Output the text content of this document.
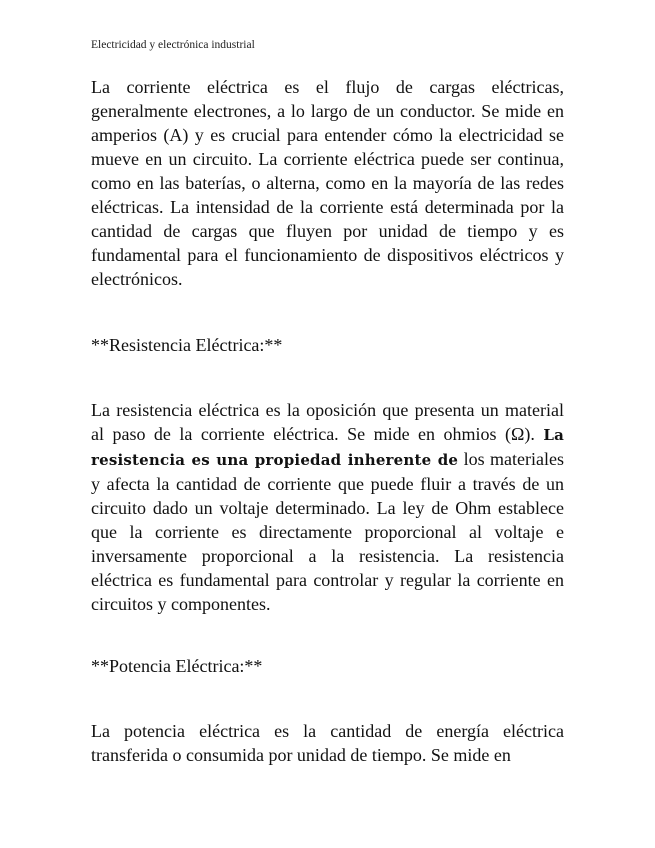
Electricidad y electrónica industrial

La corriente eléctrica es el flujo de cargas eléctricas, generalmente electrones, a lo largo de un conductor. Se mide en amperios (A) y es crucial para entender cómo la electricidad se mueve en un circuito. La corriente eléctrica puede ser continua, como en las baterías, o alterna, como en la mayoría de las redes eléctricas. La intensidad de la corriente está determinada por la cantidad de cargas que fluyen por unidad de tiempo y es fundamental para el funcionamiento de dispositivos eléctricos y electrónicos.

**Resistencia Eléctrica:**

La resistencia eléctrica es la oposición que presenta un material al paso de la corriente eléctrica. Se mide en ohmios (Ω). La resistencia es una propiedad inherente de los materiales y afecta la cantidad de corriente que puede fluir a través de un circuito dado un voltaje determinado. La ley de Ohm establece que la corriente es directamente proporcional al voltaje e inversamente proporcional a la resistencia. La resistencia eléctrica es fundamental para controlar y regular la corriente en circuitos y componentes.

**Potencia Eléctrica:**

La potencia eléctrica es la cantidad de energía eléctrica transferida o consumida por unidad de tiempo. Se mide en
